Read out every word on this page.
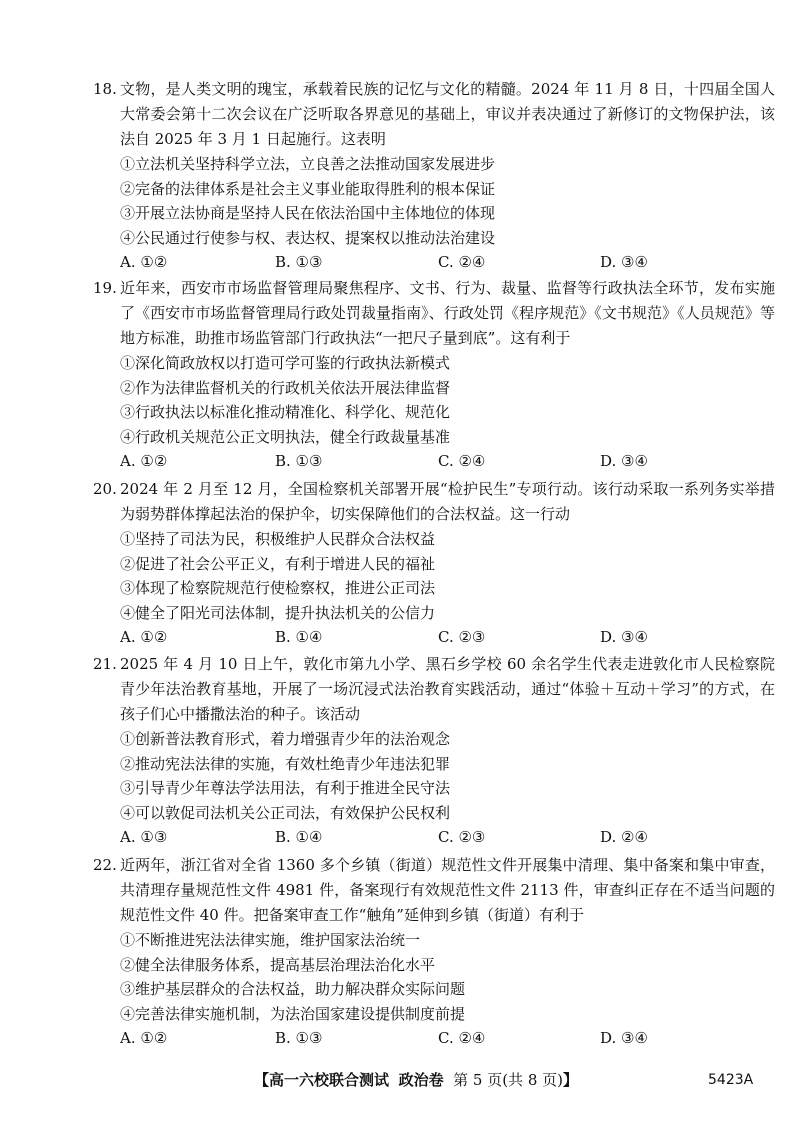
18. 文物，是人类文明的瑰宝，承载着民族的记忆与文化的精髓。2024 年 11 月 8 日，十四届全国人大常委会第十二次会议在广泛听取各界意见的基础上，审议并表决通过了新修订的文物保护法，该法自 2025 年 3 月 1 日起施行。这表明

①立法机关坚持科学立法，立良善之法推动国家发展进步

②完备的法律体系是社会主义事业能取得胜利的根本保证

③开展立法协商是坚持人民在依法治国中主体地位的体现

④公民通过行使参与权、表达权、提案权以推动法治建设

A. ①②	B. ①③	C. ②④	D. ③④
19. 近年来，西安市市场监督管理局聚焦程序、文书、行为、裁量、监督等行政执法全环节，发布实施了《西安市市场监督管理局行政处罚裁量指南》、行政处罚《程序规范》《文书规范》《人员规范》等地方标准，助推市场监管部门行政执法“一把尺子量到底”。这有利于

①深化简政放权以打造可学可鉴的行政执法新模式

②作为法律监督机关的行政机关依法开展法律监督

③行政执法以标准化推动精准化、科学化、规范化

④行政机关规范公正文明执法，健全行政裁量基准

A. ①②	B. ①③	C. ②④	D. ③④
20. 2024 年 2 月至 12 月，全国检察机关部署开展“检护民生”专项行动。该行动采取一系列务实举措为弱势群体撑起法治的保护伞，切实保障他们的合法权益。这一行动

①坚持了司法为民，积极维护人民群众合法权益

②促进了社会公平正义，有利于增进人民的福祉

③体现了检察院规范行使检察权，推进公正司法

④健全了阳光司法体制，提升执法机关的公信力

A. ①②	B. ①④	C. ②③	D. ③④
21. 2025 年 4 月 10 日上午，敦化市第九小学、黑石乡学校 60 余名学生代表走进敦化市人民检察院青少年法治教育基地，开展了一场沉浸式法治教育实践活动，通过“体验＋互动＋学习”的方式，在孩子们心中播撒法治的种子。该活动

①创新普法教育形式，着力增强青少年的法治观念

②推动宪法法律的实施，有效杜绝青少年违法犯罪

③引导青少年尊法学法用法，有利于推进全民守法

④可以敦促司法机关公正司法，有效保护公民权利

A. ①③	B. ①④	C. ②③	D. ②④
22. 近两年，浙江省对全省 1360 多个乡镇（街道）规范性文件开展集中清理、集中备案和集中审查，共清理存量规范性文件 4981 件，备案现行有效规范性文件 2113 件，审查纠正存在不适当问题的规范性文件 40 件。把备案审查工作“触角”延伸到乡镇（街道）有利于

①不断推进宪法法律实施，维护国家法治统一

②健全法律服务体系，提高基层治理法治化水平

③维护基层群众的合法权益，助力解决群众实际问题

④完善法律实施机制，为法治国家建设提供制度前提

A. ①②	B. ①③	C. ②④	D. ③④
【高一六校联合测试 政治卷 第 5 页(共 8 页)】	5423A
